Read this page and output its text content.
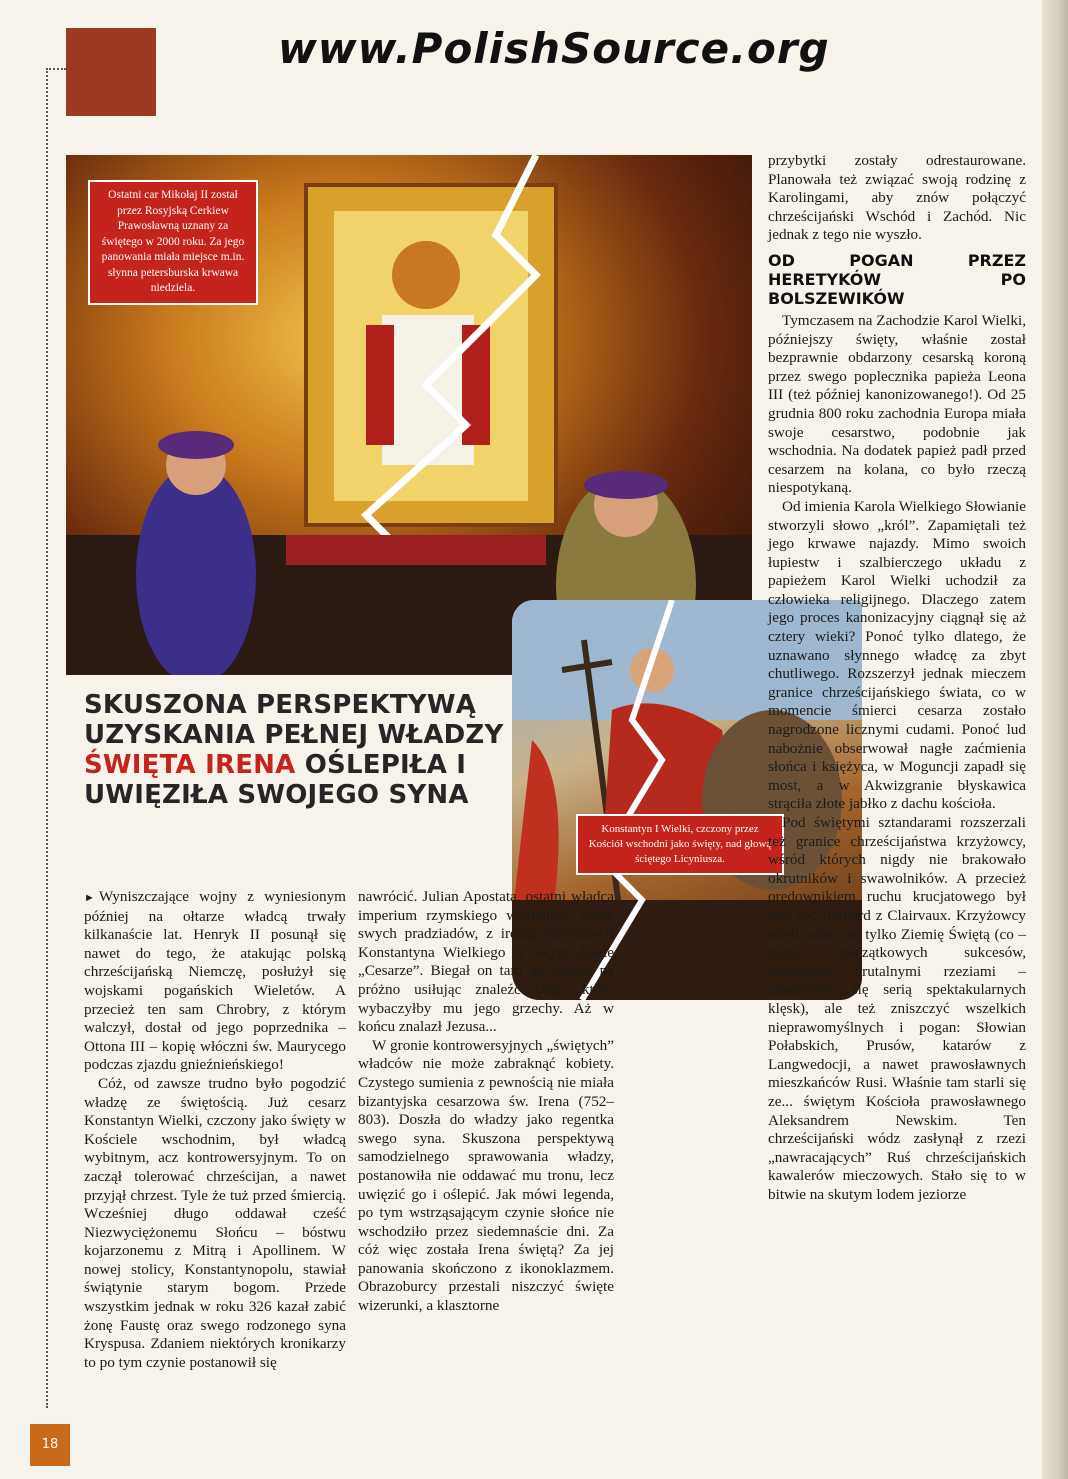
www.PolishSource.org
Ostatni car Mikołaj II został przez Rosyjską Cerkiew Prawosławną uznany za świętego w 2000 roku. Za jego panowania miała miejsce m.in. słynna petersburska krwawa niedziela.
Konstantyn I Wielki, czczony przez Kościół wschodni jako święty, nad głową ściętego Licyniusza.
SKUSZONA PERSPEKTYWĄ UZYSKANIA PEŁNEJ WŁADZY ŚWIĘTA IRENA OŚLEPIŁA I UWIĘZIŁA SWOJEGO SYNA

► Wyniszczające wojny z wyniesionym później na ołtarze władcą trwały kilkanaście lat. Henryk II posunął się nawet do tego, że atakując polską chrześcijańską Niemczę, posłużył się wojskami pogańskich Wieletów. A przecież ten sam Chrobry, z którym walczył, dostał od jego poprzednika – Ottona III – kopię włóczni św. Maurycego podczas zjazdu gnieźnieńskiego!

Cóż, od zawsze trudno było pogodzić władzę ze świętością. Już cesarz Konstantyn Wielki, czczony jako święty w Kościele wschodnim, był władcą wybitnym, acz kontrowersyjnym. To on zaczął tolerować chrześcijan, a nawet przyjął chrzest. Tyle że tuż przed śmiercią. Wcześniej długo oddawał cześć Niezwyciężonemu Słońcu – bóstwu kojarzonemu z Mitrą i Apollinem. W nowej stolicy, Konstantynopolu, stawiał świątynie starym bogom. Przede wszystkim jednak w roku 326 kazał zabić żonę Faustę oraz swego rodzonego syna Kryspusa. Zdaniem niektórych kronikarzy to po tym czynie postanowił się

nawrócić. Julian Apostata, ostatni władca imperium rzymskiego wyznający wiarę swych pradziadów, z ironią przedstawił Konstantyna Wielkiego w swym dziele „Cesarze”. Biegał on tam po niebie, na próżno usiłując znaleźć boga, który wybaczyłby mu jego grzechy. Aż w końcu znalazł Jezusa...

W gronie kontrowersyjnych „świętych” władców nie może zabraknąć kobiety. Czystego sumienia z pewnością nie miała bizantyjska cesarzowa św. Irena (752–803). Doszła do władzy jako regentka swego syna. Skuszona perspektywą samodzielnego sprawowania władzy, postanowiła nie oddawać mu tronu, lecz uwięzić go i oślepić. Jak mówi legenda, po tym wstrząsającym czynie słońce nie wschodziło przez siedemnaście dni. Za cóż więc została Irena świętą? Za jej panowania skończono z ikonoklazmem. Obrazoburcy przestali niszczyć święte wizerunki, a klasztorne

przybytki zostały odrestaurowane. Planowała też związać swoją rodzinę z Karolingami, aby znów połączyć chrześcijański Wschód i Zachód. Nic jednak z tego nie wyszło.

OD POGAN PRZEZ HERETYKÓW PO BOLSZEWIKÓW

Tymczasem na Zachodzie Karol Wielki, późniejszy święty, właśnie został bezprawnie obdarzony cesarską koroną przez swego poplecznika papieża Leona III (też później kanonizowanego!). Od 25 grudnia 800 roku zachodnia Europa miała swoje cesarstwo, podobnie jak wschodnia. Na dodatek papież padł przed cesarzem na kolana, co było rzeczą niespotykaną.

Od imienia Karola Wielkiego Słowianie stworzyli słowo „król”. Zapamiętali też jego krwawe najazdy. Mimo swoich łupiestw i szalbierczego układu z papieżem Karol Wielki uchodził za człowieka religijnego. Dlaczego zatem jego proces kanonizacyjny ciągnął się aż cztery wieki? Ponoć tylko dlatego, że uznawano słynnego władcę za zbyt chutliwego. Rozszerzył jednak mieczem granice chrześcijańskiego świata, co w momencie śmierci cesarza zostało nagrodzone licznymi cudami. Ponoć lud nabożnie obserwował nagłe zaćmienia słońca i księżyca, w Moguncji zapadł się most, a w Akwizgranie błyskawica strąciła złote jabłko z dachu kościoła.

Pod świętymi sztandarami rozszerzali też granice chrześcijaństwa krzyżowcy, wśród których nigdy nie brakowało okrutników i swawolników. A przecież orędownikiem ruchu krucjatowego był sam św. Bernard z Clairvaux. Krzyżowcy mieli odbić nie tylko Ziemię Świętą (co – mimo początkowych sukcesów, skażonych brutalnymi rzeziami – zakończyło się serią spektakularnych klęsk), ale też zniszczyć wszelkich nieprawomyślnych i pogan: Słowian Połabskich, Prusów, katarów z Langwedocji, a nawet prawosławnych mieszkańców Rusi. Właśnie tam starli się ze... świętym Kościoła prawosławnego Aleksandrem Newskim. Ten chrześcijański wódz zasłynął z rzezi „nawracających” Ruś chrześcijańskich kawalerów mieczowych. Stało się to w bitwie na skutym lodem jeziorze

18
